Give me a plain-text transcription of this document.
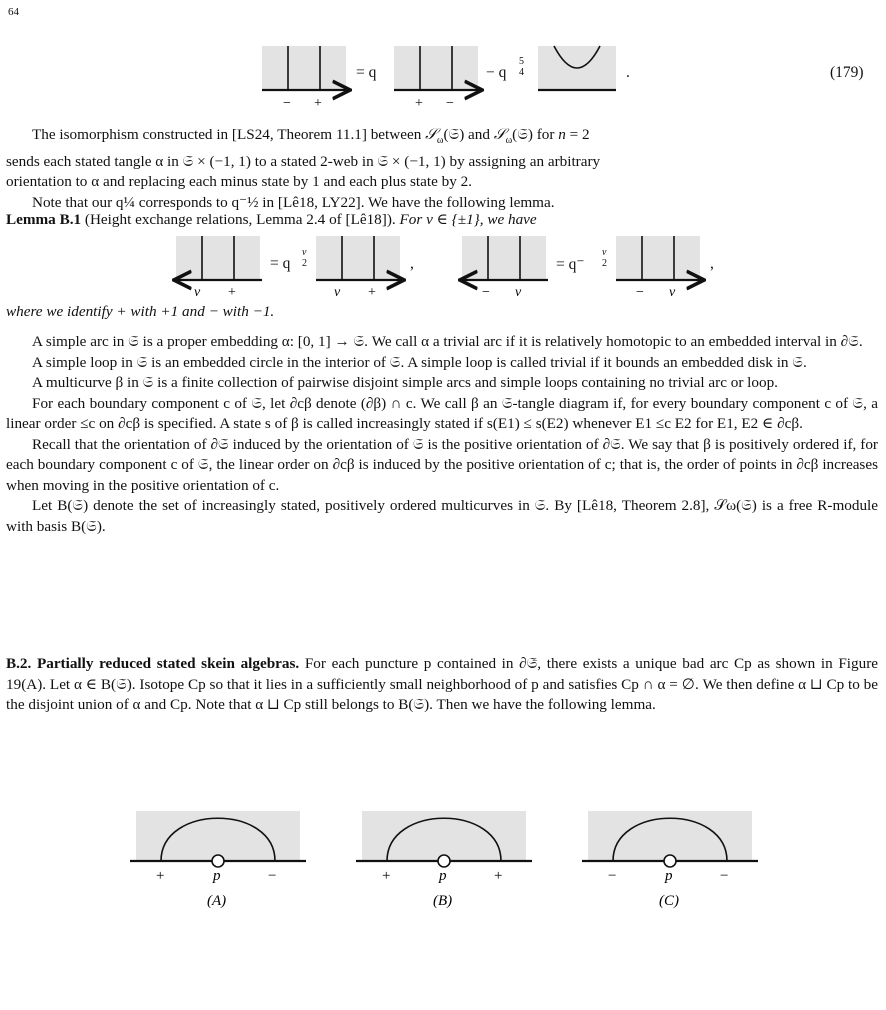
64
− +
= q
+ −
− q
5
4	.	(179)
The isomorphism constructed in [LS24, Theorem 11.1] between 𝒮$_\omega$(𝔖) and 𝒮$_\omega$(𝔖) for n = 2
sends each stated tangle α in 𝔖 × (−1, 1) to a stated 2-web in 𝔖 × (−1, 1) by assigning an arbitrary
orientation to α and replacing each minus state by 1 and each plus state by 2.
Note that our q¼ corresponds to q⁻½ in [Lê18, LY22]. We have the following lemma.
Lemma B.1 (Height exchange relations, Lemma 2.4 of [Lê18]). For v ∈ {±1}, we have
v +
= q
v
2
v +
,
− v
= q⁻
v
2
− v
,
where we identify + with +1 and − with −1.
A simple arc in 𝔖 is a proper embedding α: [0, 1] → 𝔖. We call α a trivial arc if it is relatively homotopic to an embedded interval in ∂𝔖.
A simple loop in 𝔖 is an embedded circle in the interior of 𝔖. A simple loop is called trivial if it bounds an embedded disk in 𝔖.
A multicurve β in 𝔖 is a finite collection of pairwise disjoint simple arcs and simple loops containing no trivial arc or loop.
For each boundary component c of 𝔖, let ∂cβ denote (∂β) ∩ c. We call β an 𝔖-tangle diagram if, for every boundary component c of 𝔖, a linear order ≤c on ∂cβ is specified. A state s of β is called increasingly stated if s(E1) ≤ s(E2) whenever E1 ≤c E2 for E1, E2 ∈ ∂cβ.
Recall that the orientation of ∂𝔖 induced by the orientation of 𝔖 is the positive orientation of ∂𝔖. We say that β is positively ordered if, for each boundary component c of 𝔖, the linear order on ∂cβ is induced by the positive orientation of c; that is, the order of points in ∂cβ increases when moving in the positive orientation of c.
Let B(𝔖) denote the set of increasingly stated, positively ordered multicurves in 𝔖. By [Lê18, Theorem 2.8], 𝒮ω(𝔖) is a free R-module with basis B(𝔖).
B.2. Partially reduced stated skein algebras. For each puncture p contained in ∂𝔖̄, there exists a unique bad arc Cp as shown in Figure 19(A). Let α ∈ B(𝔖). Isotope Cp so that it lies in a sufficiently small neighborhood of p and satisfies Cp ∩ α = ∅. We then define α ⊔ Cp to be the disjoint union of α and Cp. Note that α ⊔ Cp still belongs to B(𝔖). Then we have the following lemma.
+	p	−
(A)
+	p	+
(B)
−	p	−
(C)
